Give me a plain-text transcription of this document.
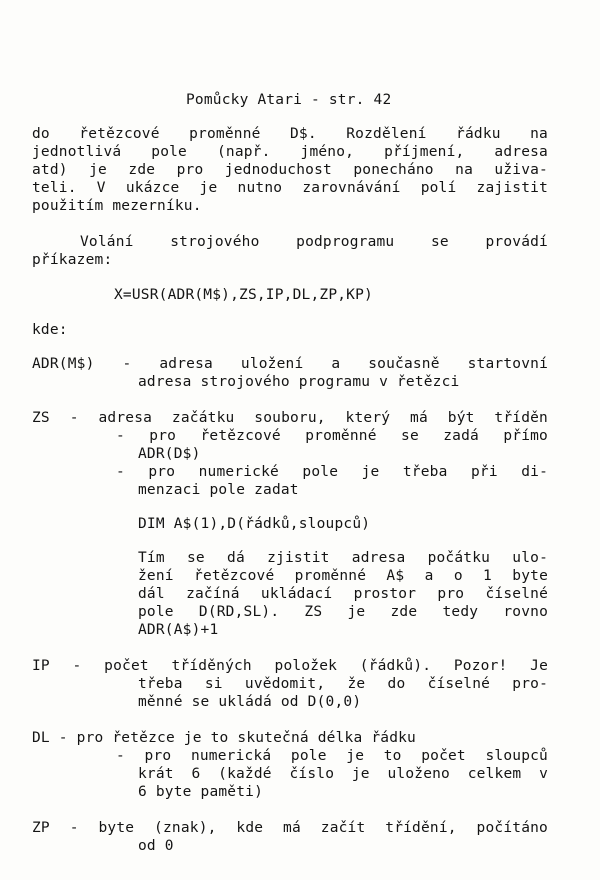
Pomůcky Atari - str. 42
do řetězcové proměnné D$. Rozdělení řádku na
jednotlivá pole (např. jméno, příjmení, adresa
atd) je zde pro jednoduchost ponecháno na uživa-
teli. V ukázce je nutno zarovnávání polí zajistit
použitím mezerníku.
Volání strojového podprogramu se provádí
příkazem:
X=USR(ADR(M$),ZS,IP,DL,ZP,KP)
kde:
ADR(M$) - adresa uložení a současně startovní
adresa strojového programu v řetězci
ZS - adresa začátku souboru, který má být tříděn
- pro řetězcové proměnné se zadá přímo
ADR(D$)
- pro numerické pole je třeba při di-
menzaci pole zadat
DIM A$(1),D(řádků,sloupců)
Tím se dá zjistit adresa počátku ulo-
žení řetězcové proměnné A$ a o 1 byte
dál začíná ukládací prostor pro číselné
pole D(RD,SL). ZS je zde tedy rovno
ADR(A$)+1
IP - počet tříděných položek (řádků). Pozor! Je
třeba si uvědomit, že do číselné pro-
měnné se ukládá od D(0,0)
DL - pro řetězce je to skutečná délka řádku
- pro numerická pole je to počet sloupců
krát 6 (každé číslo je uloženo celkem v
6 byte paměti)
ZP - byte (znak), kde má začít třídění, počítáno
od 0
